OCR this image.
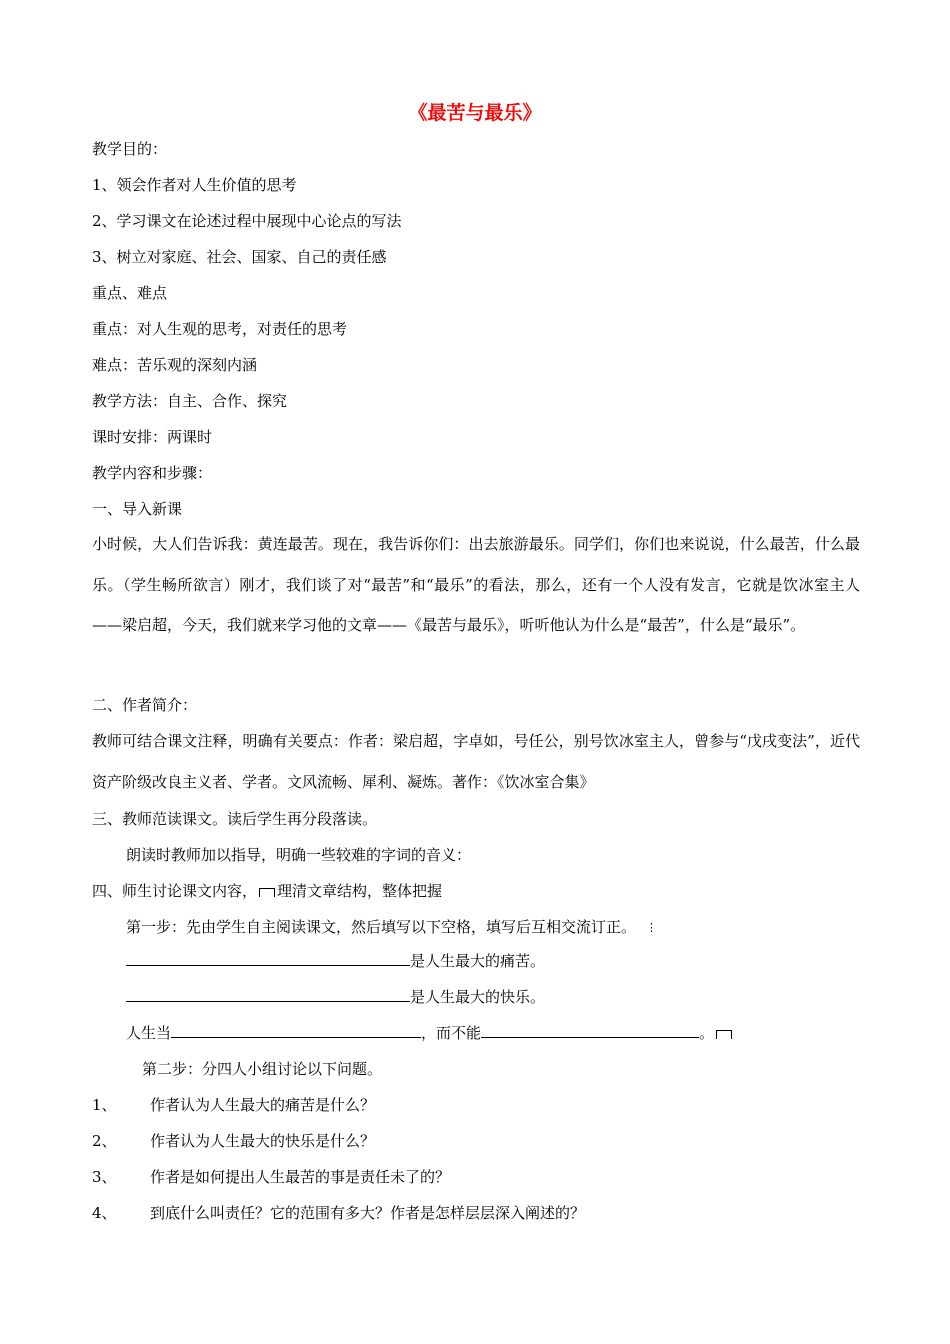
《最苦与最乐》
教学目的：
1、领会作者对人生价值的思考
2、学习课文在论述过程中展现中心论点的写法
3、树立对家庭、社会、国家、自己的责任感
重点、难点
重点：对人生观的思考，对责任的思考
难点：苦乐观的深刻内涵
教学方法：自主、合作、探究
课时安排：两课时
教学内容和步骤：
一、导入新课
小时候，大人们告诉我：黄连最苦。现在，我告诉你们：出去旅游最乐。同学们，你们也来说说，什么最苦，什么最乐。（学生畅所欲言）刚才，我们谈了对“最苦”和“最乐”的看法，那么，还有一个人没有发言，它就是饮冰室主人——梁启超，今天，我们就来学习他的文章——《最苦与最乐》，听听他认为什么是“最苦”，什么是“最乐”。
二、作者简介：
教师可结合课文注释，明确有关要点：作者：梁启超，字卓如，号任公，别号饮冰室主人，曾参与“戊戌变法”，近代资产阶级改良主义者、学者。文风流畅、犀利、凝炼。著作：《饮冰室合集》
三、教师范读课文。读后学生再分段落读。
朗读时教师加以指导，明确一些较难的字词的音义：
四、师生讨论课文内容， 理清文章结构，整体把握
第一步：先由学生自主阅读课文，然后填写以下空格，填写后互相交流订正。 ⋮
是人生最大的痛苦。
是人生最大的快乐。
人生当	，而不能	。
第二步：分四人小组讨论以下问题。
1、 作者认为人生最大的痛苦是什么？
2、 作者认为人生最大的快乐是什么？
3、 作者是如何提出人生最苦的事是责任未了的？
4、 到底什么叫责任？它的范围有多大？作者是怎样层层深入阐述的？
